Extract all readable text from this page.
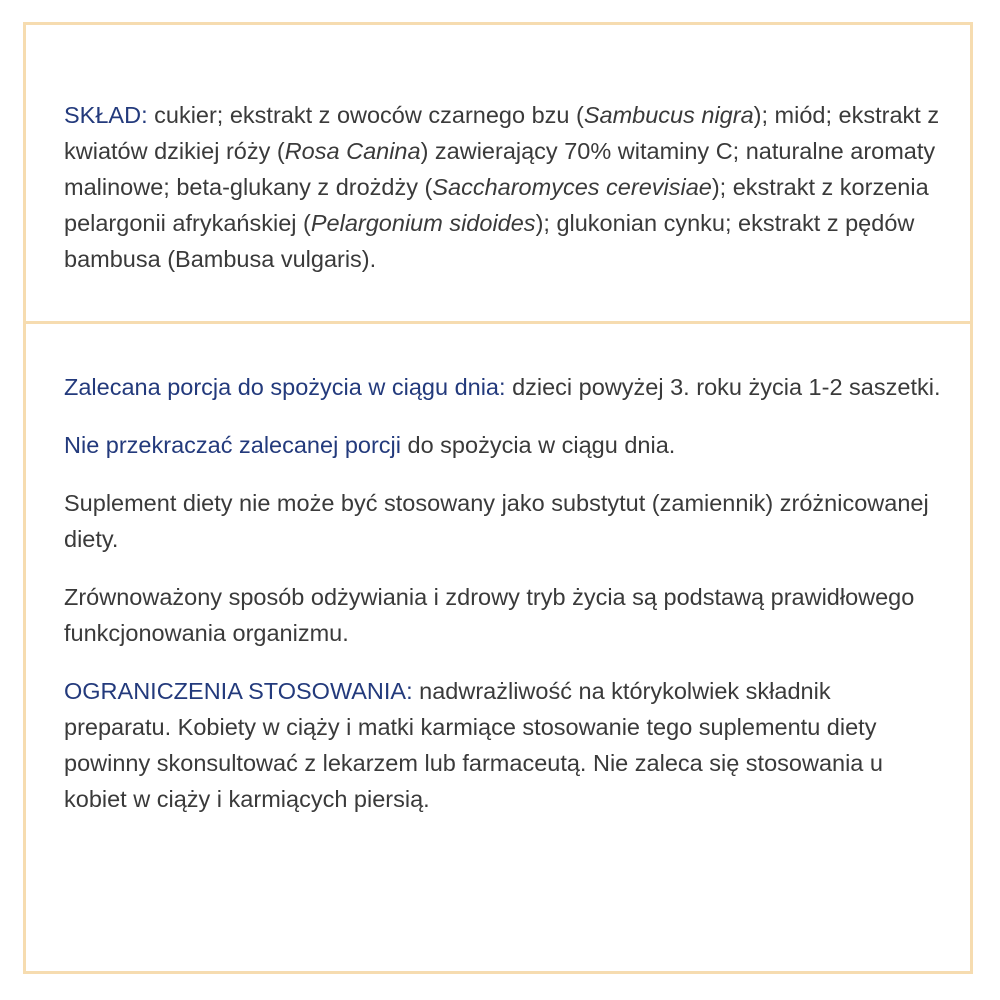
SKŁAD: cukier; ekstrakt z owoców czarnego bzu (Sambucus nigra); miód; ekstrakt z kwiatów dzikiej róży (Rosa Canina) zawierający 70% witaminy C; naturalne aromaty malinowe; beta-glukany z drożdży (Saccharomyces cerevisiae); ekstrakt z korzenia pelargonii afrykańskiej (Pelargonium sidoides); glukonian cynku; ekstrakt z pędów bambusa (Bambusa vulgaris).

Zalecana porcja do spożycia w ciągu dnia: dzieci powyżej 3. roku życia 1-2 saszetki.

Nie przekraczać zalecanej porcji do spożycia w ciągu dnia.

Suplement diety nie może być stosowany jako substytut (zamiennik) zróżnicowanej diety.

Zrównoważony sposób odżywiania i zdrowy tryb życia są podstawą prawidłowego funkcjonowania organizmu.

OGRANICZENIA STOSOWANIA: nadwrażliwość na którykolwiek składnik preparatu. Kobiety w ciąży i matki karmiące stosowanie tego suplementu diety powinny skonsultować z lekarzem lub farmaceutą. Nie zaleca się stosowania u kobiet w ciąży i karmiących piersią.
